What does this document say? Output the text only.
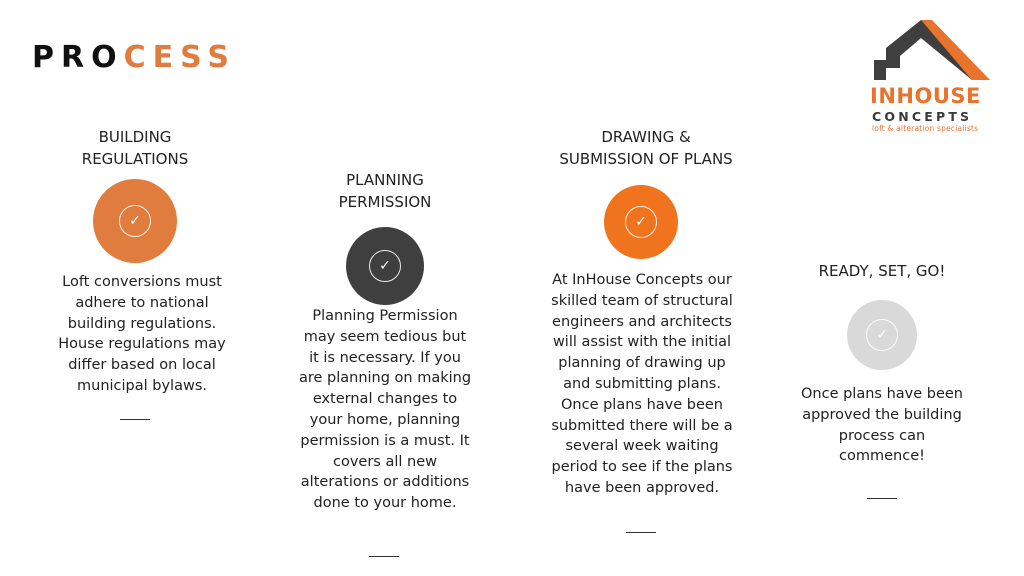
PROCESS
INHOUSE
CONCEPTS
loft & alteration specialists
BUILDING
REGULATIONS
✓
Loft conversions must adhere to national building regulations. House regulations may differ based on local municipal bylaws.
PLANNING
PERMISSION
✓
Planning Permission may seem tedious but it is necessary. If you are planning on making external changes to your home, planning permission is a must. It covers all new alterations or additions done to your home.
DRAWING &
SUBMISSION OF PLANS
✓
At InHouse Concepts our skilled team of structural engineers and architects will assist with the initial planning of drawing up and submitting plans. Once plans have been submitted there will be a several week waiting period to see if the plans have been approved.
READY, SET, GO!
✓
Once plans have been approved the building process can commence!
